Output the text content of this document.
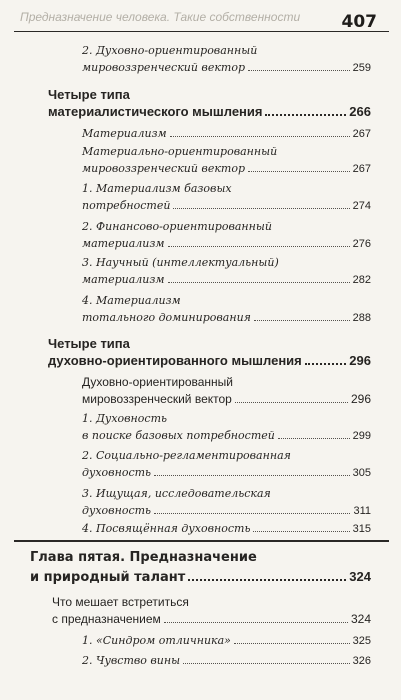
Предназначение человека. Такие собственности 407
2. Духовно-ориентированный
мировоззренческий вектор	259
Четыре типа
материалистического мышления	266
Материализм	267
Материально-ориентированный
мировоззренческий вектор	267
1. Материализм базовых
потребностей	274
2. Финансово-ориентированный
материализм	276
3. Научный (интеллектуальный)
материализм	282
4. Материализм
тотального доминирования	288
Четыре типа
духовно-ориентированного мышления	296
Духовно-ориентированный
мировоззренческий вектор	296
1. Духовность
в поиске базовых потребностей	299
2. Социально-регламентированная
духовность	305
3. Ищущая, исследовательская
духовность	311
4. Посвящённая духовность	315
Глава пятая. Предназначение
и природный талант	324
Что мешает встретиться
с предназначением	324
1. «Синдром отличника»	325
2. Чувство вины	326
